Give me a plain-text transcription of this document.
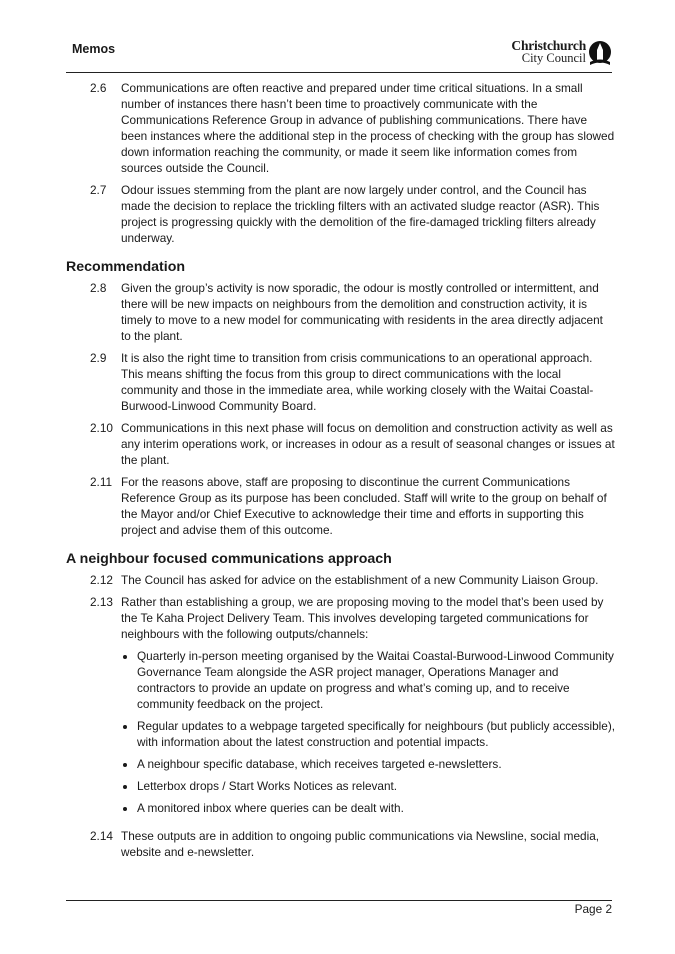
Memos	Christchurch
City Council
2.6	Communications are often reactive and prepared under time critical situations. In a small number of instances there hasn’t been time to proactively communicate with the Communications Reference Group in advance of publishing communications. There have been instances where the additional step in the process of checking with the group has slowed down information reaching the community, or made it seem like information comes from sources outside the Council.
2.7	Odour issues stemming from the plant are now largely under control, and the Council has made the decision to replace the trickling filters with an activated sludge reactor (ASR). This project is progressing quickly with the demolition of the fire-damaged trickling filters already underway.
Recommendation
2.8	Given the group’s activity is now sporadic, the odour is mostly controlled or intermittent, and there will be new impacts on neighbours from the demolition and construction activity, it is timely to move to a new model for communicating with residents in the area directly adjacent to the plant.
2.9	It is also the right time to transition from crisis communications to an operational approach. This means shifting the focus from this group to direct communications with the local community and those in the immediate area, while working closely with the Waitai Coastal-Burwood-Linwood Community Board.
2.10 Communications in this next phase will focus on demolition and construction activity as well as any interim operations work, or increases in odour as a result of seasonal changes or issues at the plant.
2.11 For the reasons above, staff are proposing to discontinue the current Communications Reference Group as its purpose has been concluded. Staff will write to the group on behalf of the Mayor and/or Chief Executive to acknowledge their time and efforts in supporting this project and advise them of this outcome.
A neighbour focused communications approach
2.12 The Council has asked for advice on the establishment of a new Community Liaison Group.
2.13 Rather than establishing a group, we are proposing moving to the model that’s been used by the Te Kaha Project Delivery Team. This involves developing targeted communications for neighbours with the following outputs/channels:
• Quarterly in-person meeting organised by the Waitai Coastal-Burwood-Linwood Community Governance Team alongside the ASR project manager, Operations Manager and contractors to provide an update on progress and what’s coming up, and to receive community feedback on the project.
• Regular updates to a webpage targeted specifically for neighbours (but publicly accessible), with information about the latest construction and potential impacts.
• A neighbour specific database, which receives targeted e-newsletters.
• Letterbox drops / Start Works Notices as relevant.
• A monitored inbox where queries can be dealt with.
2.14 These outputs are in addition to ongoing public communications via Newsline, social media, website and e-newsletter.
Page 2
